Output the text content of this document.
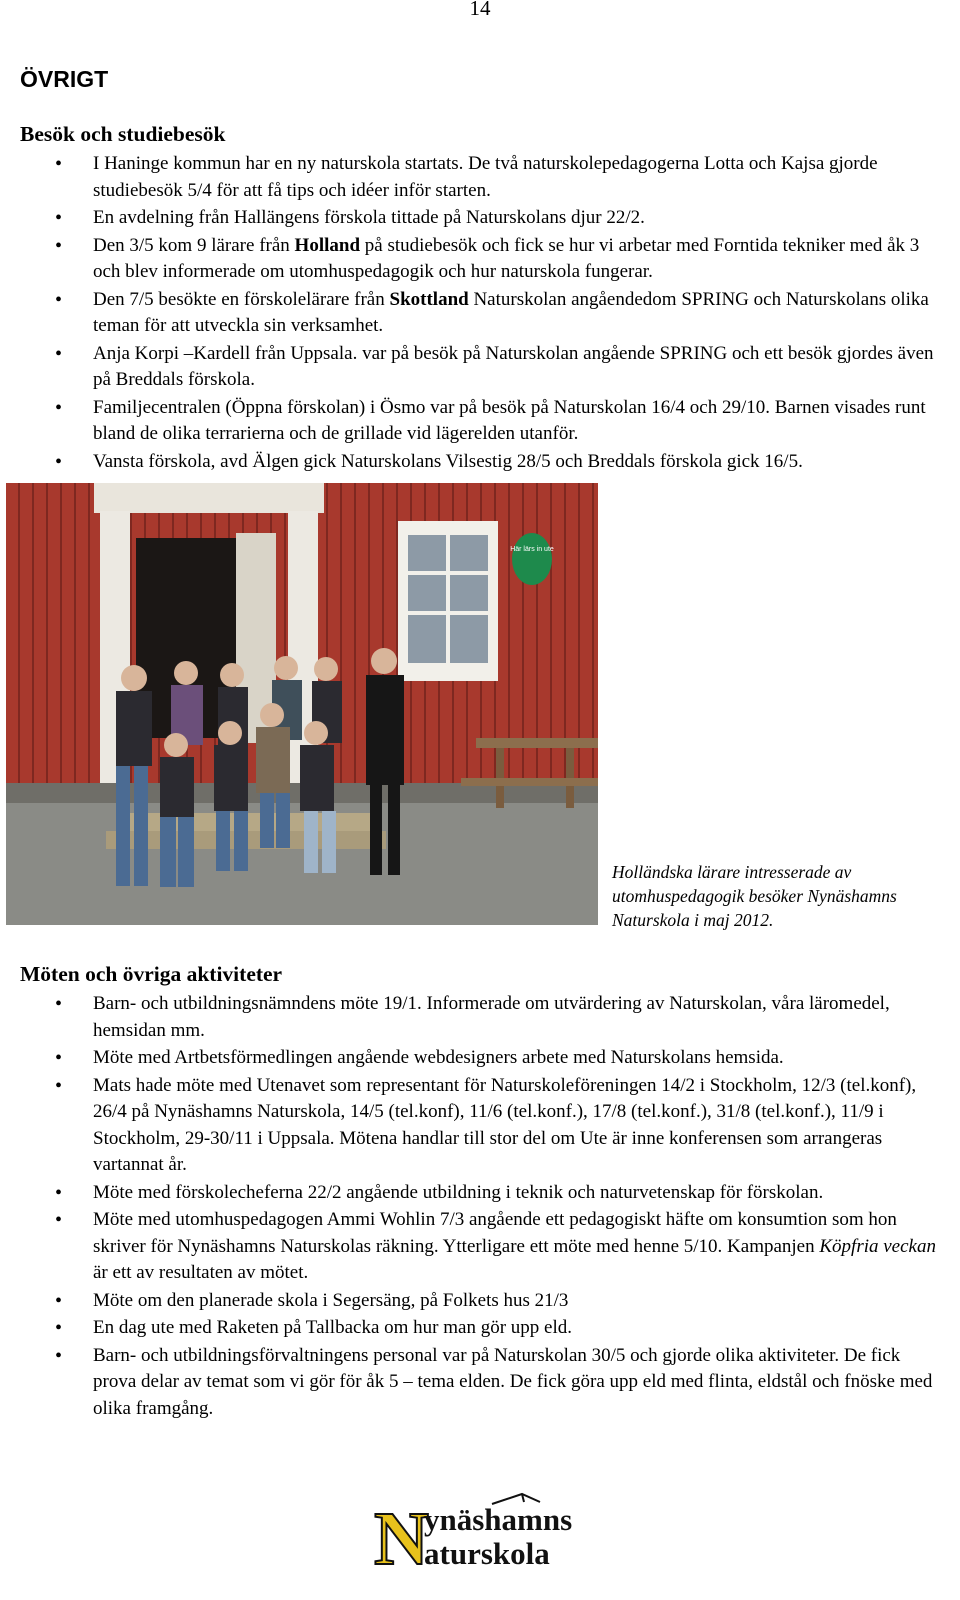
14
ÖVRIGT
Besök och studiebesök
• I Haninge kommun har en ny naturskola startats. De två naturskolepedagogerna Lotta och Kajsa gjorde studiebesök 5/4 för att få tips och idéer inför starten.
• En avdelning från Hallängens förskola tittade på Naturskolans djur 22/2.
• Den 3/5 kom 9 lärare från Holland på studiebesök och fick se hur vi arbetar med Forntida tekniker med åk 3 och blev informerade om utomhuspedagogik och hur naturskola fungerar.
• Den 7/5 besökte en förskolelärare från Skottland Naturskolan angåendedom SPRING och Naturskolans olika teman för att utveckla sin verksamhet.
• Anja Korpi –Kardell från Uppsala. var på besök på Naturskolan angående SPRING och ett besök gjordes även på Breddals förskola.
• Familjecentralen (Öppna förskolan) i Ösmo var på besök på Naturskolan 16/4 och 29/10. Barnen visades runt bland de olika terrarierna och de grillade vid lägerelden utanför.
• Vansta förskola, avd Älgen gick Naturskolans Vilsestig 28/5 och Breddals förskola gick 16/5.
Här lärs in ute
Holländska lärare intresserade av utomhuspedagogik besöker Nynäshamns Naturskola i maj 2012.
Möten och övriga aktiviteter
• Barn- och utbildningsnämndens möte 19/1. Informerade om utvärdering av Naturskolan, våra läromedel, hemsidan mm.
• Möte med Artbetsförmedlingen angående webdesigners arbete med Naturskolans hemsida.
• Mats hade möte med Utenavet som representant för Naturskoleföreningen 14/2 i Stockholm, 12/3 (tel.konf), 26/4 på Nynäshamns Naturskola, 14/5 (tel.konf), 11/6 (tel.konf.), 17/8 (tel.konf.), 31/8 (tel.konf.), 11/9 i Stockholm, 29-30/11 i Uppsala. Mötena handlar till stor del om Ute är inne konferensen som arrangeras vartannat år.
• Möte med förskolecheferna 22/2 angående utbildning i teknik och naturvetenskap för förskolan.
• Möte med utomhuspedagogen Ammi Wohlin 7/3 angående ett pedagogiskt häfte om konsumtion som hon skriver för Nynäshamns Naturskolas räkning. Ytterligare ett möte med henne 5/10. Kampanjen Köpfria veckan är ett av resultaten av mötet.
• Möte om den planerade skola i Segersäng, på Folkets hus 21/3
• En dag ute med Raketen på Tallbacka om hur man gör upp eld.
• Barn- och utbildningsförvaltningens personal var på Naturskolan 30/5 och gjorde olika aktiviteter. De fick prova delar av temat som vi gör för åk 5 – tema elden. De fick göra upp eld med flinta, eldstål och fnöske med olika framgång.
N
ynäshamns
aturskola
